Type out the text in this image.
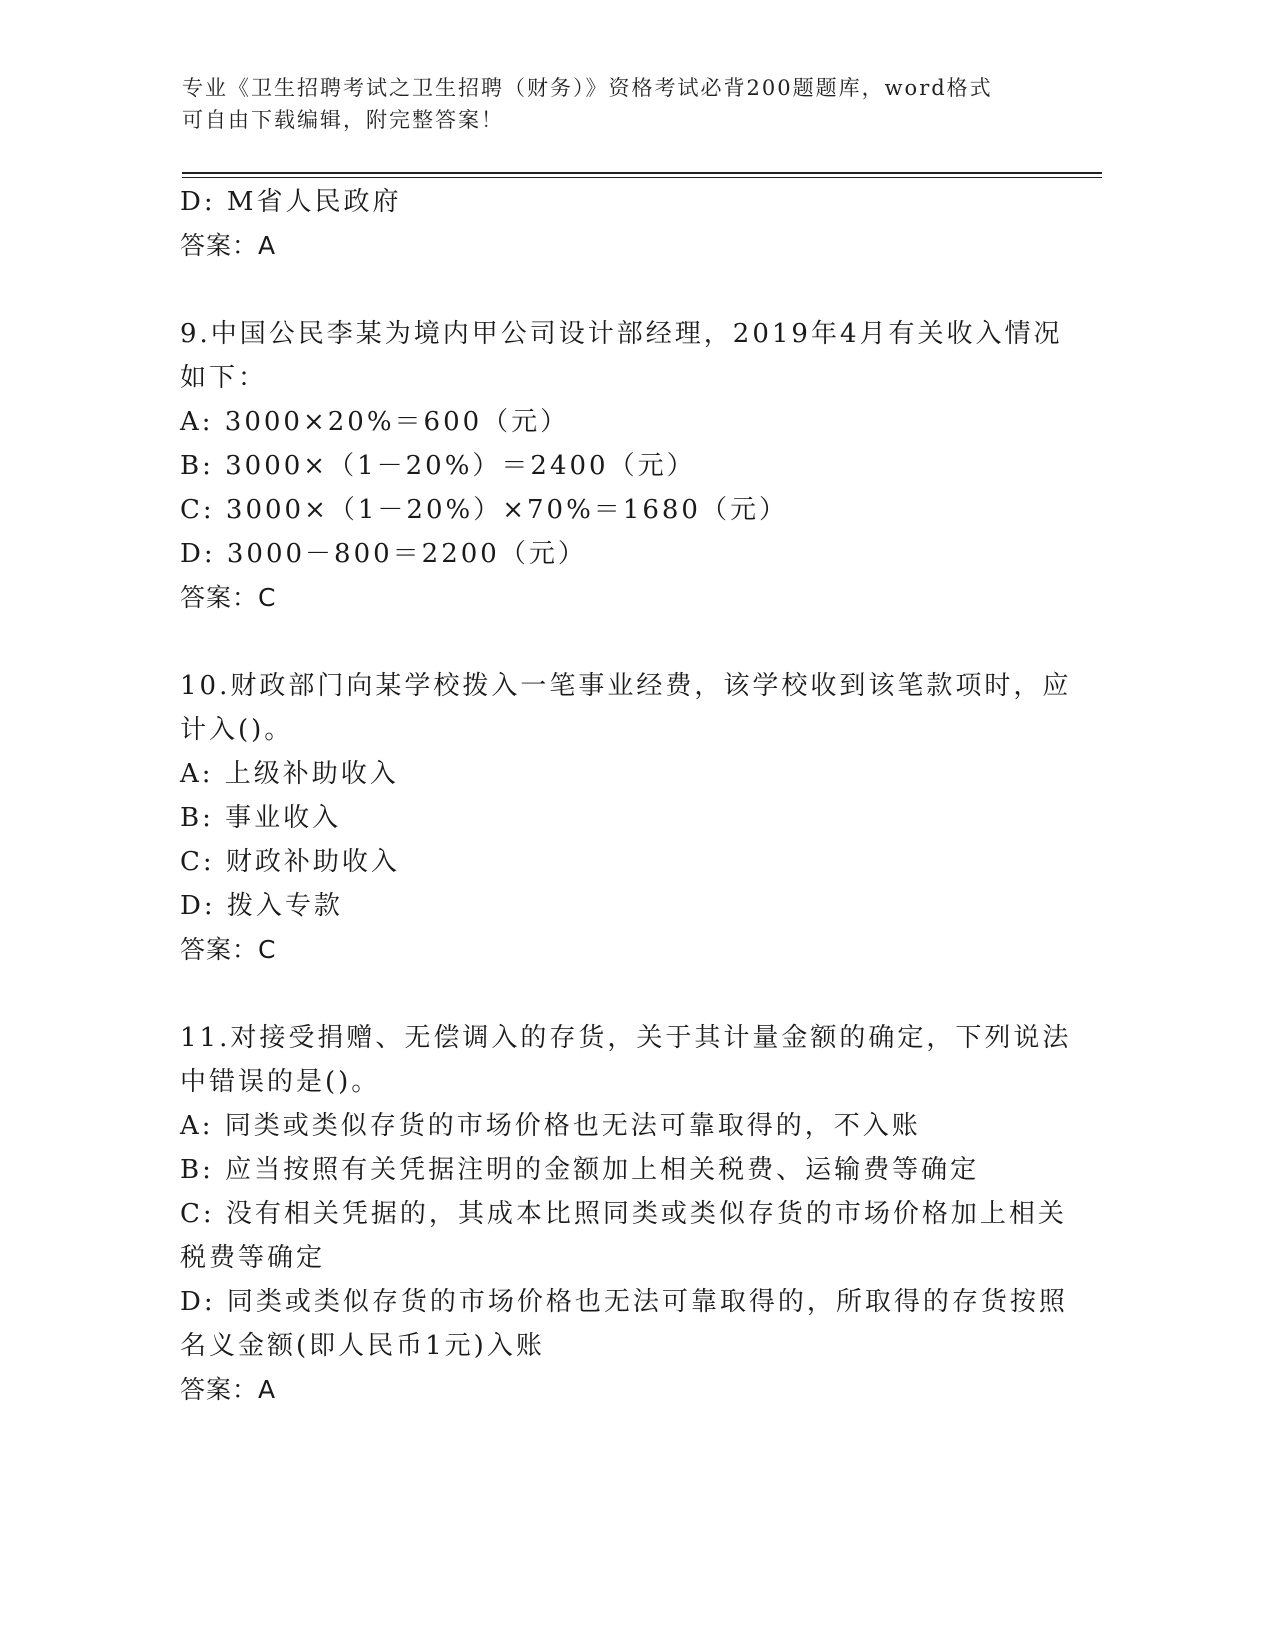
专业《卫生招聘考试之卫生招聘（财务）》资格考试必背200题题库，word格式
可自由下载编辑，附完整答案！
D: M省人民政府
答案：A
9.中国公民李某为境内甲公司设计部经理，2019年4月有关收入情况
如下：
A: 3000×20%＝600（元）
B: 3000×（1－20%）＝2400（元）
C: 3000×（1－20%）×70%＝1680（元）
D: 3000－800＝2200（元）
答案：C
10.财政部门向某学校拨入一笔事业经费，该学校收到该笔款项时，应
计入()。
A: 上级补助收入
B: 事业收入
C: 财政补助收入
D: 拨入专款
答案：C
11.对接受捐赠、无偿调入的存货，关于其计量金额的确定，下列说法
中错误的是()。
A: 同类或类似存货的市场价格也无法可靠取得的，不入账
B: 应当按照有关凭据注明的金额加上相关税费、运输费等确定
C: 没有相关凭据的，其成本比照同类或类似存货的市场价格加上相关
税费等确定
D: 同类或类似存货的市场价格也无法可靠取得的，所取得的存货按照
名义金额(即人民币1元)入账
答案：A
